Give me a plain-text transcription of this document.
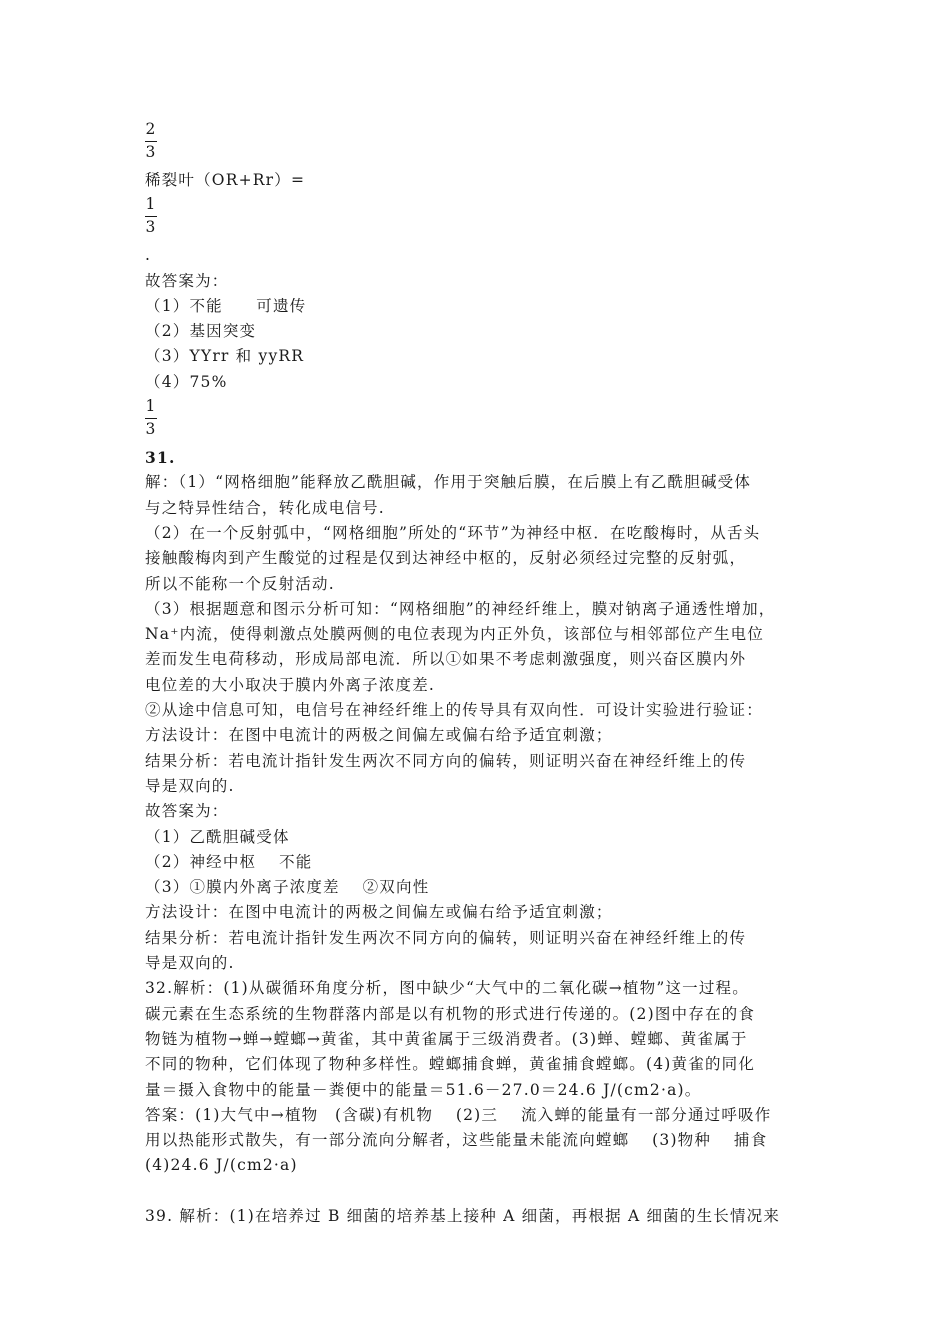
$\frac{2}{3}$
稀裂叶（OR+Rr）=
$\frac{1}{3}$
.
故答案为：
（1）不能　　可遗传
（2）基因突变
（3）YYrr 和 yyRR
（4）75%
$\frac{1}{3}$
31.
解：（1）“网格细胞”能释放乙酰胆碱，作用于突触后膜，在后膜上有乙酰胆碱受体
与之特异性结合，转化成电信号.
（2）在一个反射弧中，“网格细胞”所处的“环节”为神经中枢．在吃酸梅时，从舌头
接触酸梅肉到产生酸觉的过程是仅到达神经中枢的，反射必须经过完整的反射弧，
所以不能称一个反射活动.
（3）根据题意和图示分析可知：“网格细胞”的神经纤维上，膜对钠离子通透性增加，
Na⁺内流，使得刺激点处膜两侧的电位表现为内正外负，该部位与相邻部位产生电位
差而发生电荷移动，形成局部电流．所以①如果不考虑刺激强度，则兴奋区膜内外
电位差的大小取决于膜内外离子浓度差.
②从途中信息可知，电信号在神经纤维上的传导具有双向性．可设计实验进行验证：
方法设计：在图中电流计的两极之间偏左或偏右给予适宜刺激；
结果分析：若电流计指针发生两次不同方向的偏转，则证明兴奋在神经纤维上的传
导是双向的.
故答案为：
（1）乙酰胆碱受体
（2）神经中枢　 不能
（3）①膜内外离子浓度差　 ②双向性
方法设计：在图中电流计的两极之间偏左或偏右给予适宜刺激；
结果分析：若电流计指针发生两次不同方向的偏转，则证明兴奋在神经纤维上的传
导是双向的.
32.解析：(1)从碳循环角度分析，图中缺少“大气中的二氧化碳→植物”这一过程。
碳元素在生态系统的生物群落内部是以有机物的形式进行传递的。(2)图中存在的食
物链为植物→蝉→螳螂→黄雀，其中黄雀属于三级消费者。(3)蝉、螳螂、黄雀属于
不同的物种，它们体现了物种多样性。螳螂捕食蝉，黄雀捕食螳螂。(4)黄雀的同化
量＝摄入食物中的能量－粪便中的能量＝51.6－27.0＝24.6 J/(cm2·a)。
答案：(1)大气中→植物　(含碳)有机物　 (2)三　 流入蝉的能量有一部分通过呼吸作
用以热能形式散失，有一部分流向分解者，这些能量未能流向螳螂　 (3)物种　 捕食
(4)24.6 J/(cm2·a)
39. 解析：(1)在培养过 B 细菌的培养基上接种 A 细菌，再根据 A 细菌的生长情况来
